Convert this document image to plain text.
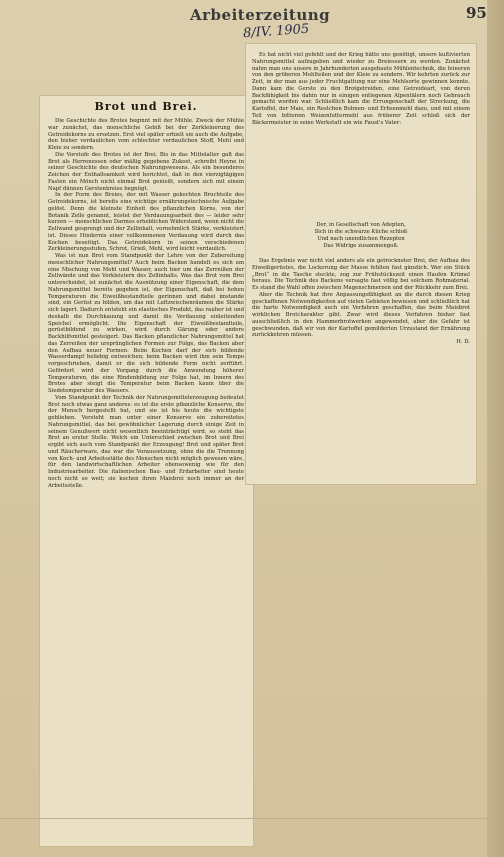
Arbeiterzeitung	95
8/IV. 1905
Brot und Brei.

Die Geschichte des Brotes beginnt mit der Mühle. Zweck der Mühle war zunächst, das menschliche Gebiß bei der Zerkleinerung des Getreidekorns zu ersetzen. Erst viel später erhielt sie auch die Aufgabe, den bisher verdaulichen vom schlechter verdaulichen Stoff, Mehl und Kleie zu sondern.

Die Vorstufe des Brotes ist der Brei. Bis in das Mittelalter galt das Brot als Herrenessen oder mäßig gegebene Zukost, schreibt Heyne in seiner Geschichte des deutschen Nahrungswesens. Als ein besonderes Zeichen der Enthaltsamkeit wird berichtet, daß in den vierzigtägigen Fasten ein Mönch nicht einmal Brot genießt, sondern sich mit einem Napf dünnen Gerstenbreies begnügt.

In der Form des Breies, der mit Wasser gekochten Bruchteile des Getreidekorns, ist bereits eine wichtige ernährungstechnische Aufgabe gelöst. Denn die kleinste Einheit des pflanzlichen Korns, von der Botanik Zelle genannt, leistet der Verdauungsarbeit des — leider sehr kurzen — menschlichen Darmes erheblichen Widerstand, wenn nicht die Zellwand gesprengt und der Zellinhalt, vornehmlich Stärke, verkleistert ist. Dieses Hindernis einer vollkommenen Verdauung wird durch das Kochen beseitigt. Das Getreidekorn in seinen verschiedenen Zerkleinerungsstufen, Schrot, Grieß, Mehl, wird leicht verdaulich.

Was ist nun Brot vom Standpunkt der Lehre von der Zubereitung menschlicher Nahrungsmittel? Auch beim Backen handelt es sich um eine Mischung von Mehl und Wasser, auch hier um das Zerreißen der Zellwände und das Verkleistern des Zellinhalts. Was das Brot vom Brei unterscheidet, ist zunächst die Ausnützung einer Eigenschaft, die dem Nahrungsmittel bereits gegeben ist, der Eigenschaft, daß bei hohen Temperaturen die Eiweißbestandteile gerinnen und dabei imstande sind, ein Gerüst zu bilden, um das mit Luftzwischenräumen die Stärke sich lagert. Dadurch entsteht ein elastisches Produkt, das rauher ist und deshalb die Durchkauung und damit die Verdauung einleitenden Speichel ermöglicht. Die Eigenschaft der Eiweißbestandteile, gerüstbildend zu wirken, wird durch Gärung oder andere Backhilfsmittel gesteigert. Das Backen pflanzlicher Nahrungsmittel hat das Zerreißen der ursprünglichen Formen zur Folge, das Backen aber den Aufbau neuer Formen. Beim Kochen darf der sich bildende Wasserdampf beliebig entweichen; beim Backen wird ihm sein Tempo vorgeschrieben, damit er die sich bildende Form nicht zerführt. Gefördert wird der Vorgang durch die Anwendung höherer Temperaturen, die eine Rindenbildung zur Folge hat, im Innern des Brotes aber steigt die Temperatur beim Backen kaum über die Siedetemperatur des Wassers.

Vom Standpunkt der Technik der Nahrungsmittelerzeugung bedeutet Brot noch etwas ganz anderes: es ist die erste pflanzliche Konserve, die der Mensch hergestellt hat, und sie ist bis heute die wichtigste geblieben. Versteht man unter einer Konserve ein zubereitetes Nahrungsmittel, das bei gewöhnlicher Lagerung durch einige Zeit in seinem Genußwert nicht wesentlich beeinträchtigt wird, so steht das Brot an erster Stelle. Welch ein Unterschied zwischen Brot und Brei ergibt sich auch vom Standpunkt der Erzeugung! Brot und später Brot und Räucherware, das war die Voraussetzung, ohne die die Trennung von Koch- und Arbeitsstätte des Menschen nicht möglich gewesen wäre, für den landwirtschaftlichen Arbeiter ebensowenig wie für den Industriearbeiter. Die italienischen Bau- und Erdarbeiter sind heute noch nicht so weit; sie kochen ihren Maisbrei noch immer an der Arbeitsstelle.

Es hat nicht viel gefehlt und der Krieg hätte uns genötigt, unsere kultivierten Nahrungsmittel aufzugeben und wieder zu Breiessern zu werden. Zunächst nahm man uns unsere in Jahrhunderten ausgebaute Mühlentechnik, die feineren von den gröberen Mehlteilen und der Kleie zu sondern. Wir kehrten zurück zur Zeit, in der man aus jeder Fruchtgattung nur eine Mehlsorte gewinnen konnte. Dann kam die Gerste zu den Brotgetreiden, eine Getreideart, von deren Backfähigkeit bis dahin nur in einigen entlegenen Alpentälern noch Gebrauch gemacht worden war. Schließlich kam die Errungenschaft der Streckung, die Kartoffel, der Mais, ein Restchen Bohnen- und Erbsenmehl dazu, und mit einem Teil von bitterem Weizenfuttermehl aus früherer Zeit schloß sich der Bäckermeister in seine Werkstatt ein wie Faust's Vater:

Der, in Gesellschaft von Adepten,
Sich in die schwarze Küche schloß
Und nach unendlichen Rezepten
Das Widrige zusammengoß.

Das Ergebnis war nicht viel anders als ein getrockneter Brei, der Aufbau des Eiweißgerüstes, die Lockerung der Masse fehlten fast gänzlich. Wer ein Stück „Brot“ in die Tasche steckte, zog zur Frühstückszeit einen Haufen Krümel heraus. Die Technik des Backens versagte fast völlig bei solchem Rohmaterial. Es stand die Wahl offen zwischen Magenschmerzen und der Rückkehr zum Brei.

Aber die Technik hat ihre Anpassungsfähigkeit an die durch diesen Krieg geschaffenen Notwendigkeiten auf vielen Gebieten bewiesen und schließlich hat die harte Notwendigkeit auch ein Verfahren geschaffen, das beim Maisbrot wirklichen Brotcharakter gibt. Zwar wird dieses Verfahren bisher fast ausschließlich in den Hammerbrotwerken angewendet, aber die Gefahr ist geschwunden, daß wir von der Kartoffel gemilderten Urzustand der Ernährung zurückkehren müssen.

H. D.
